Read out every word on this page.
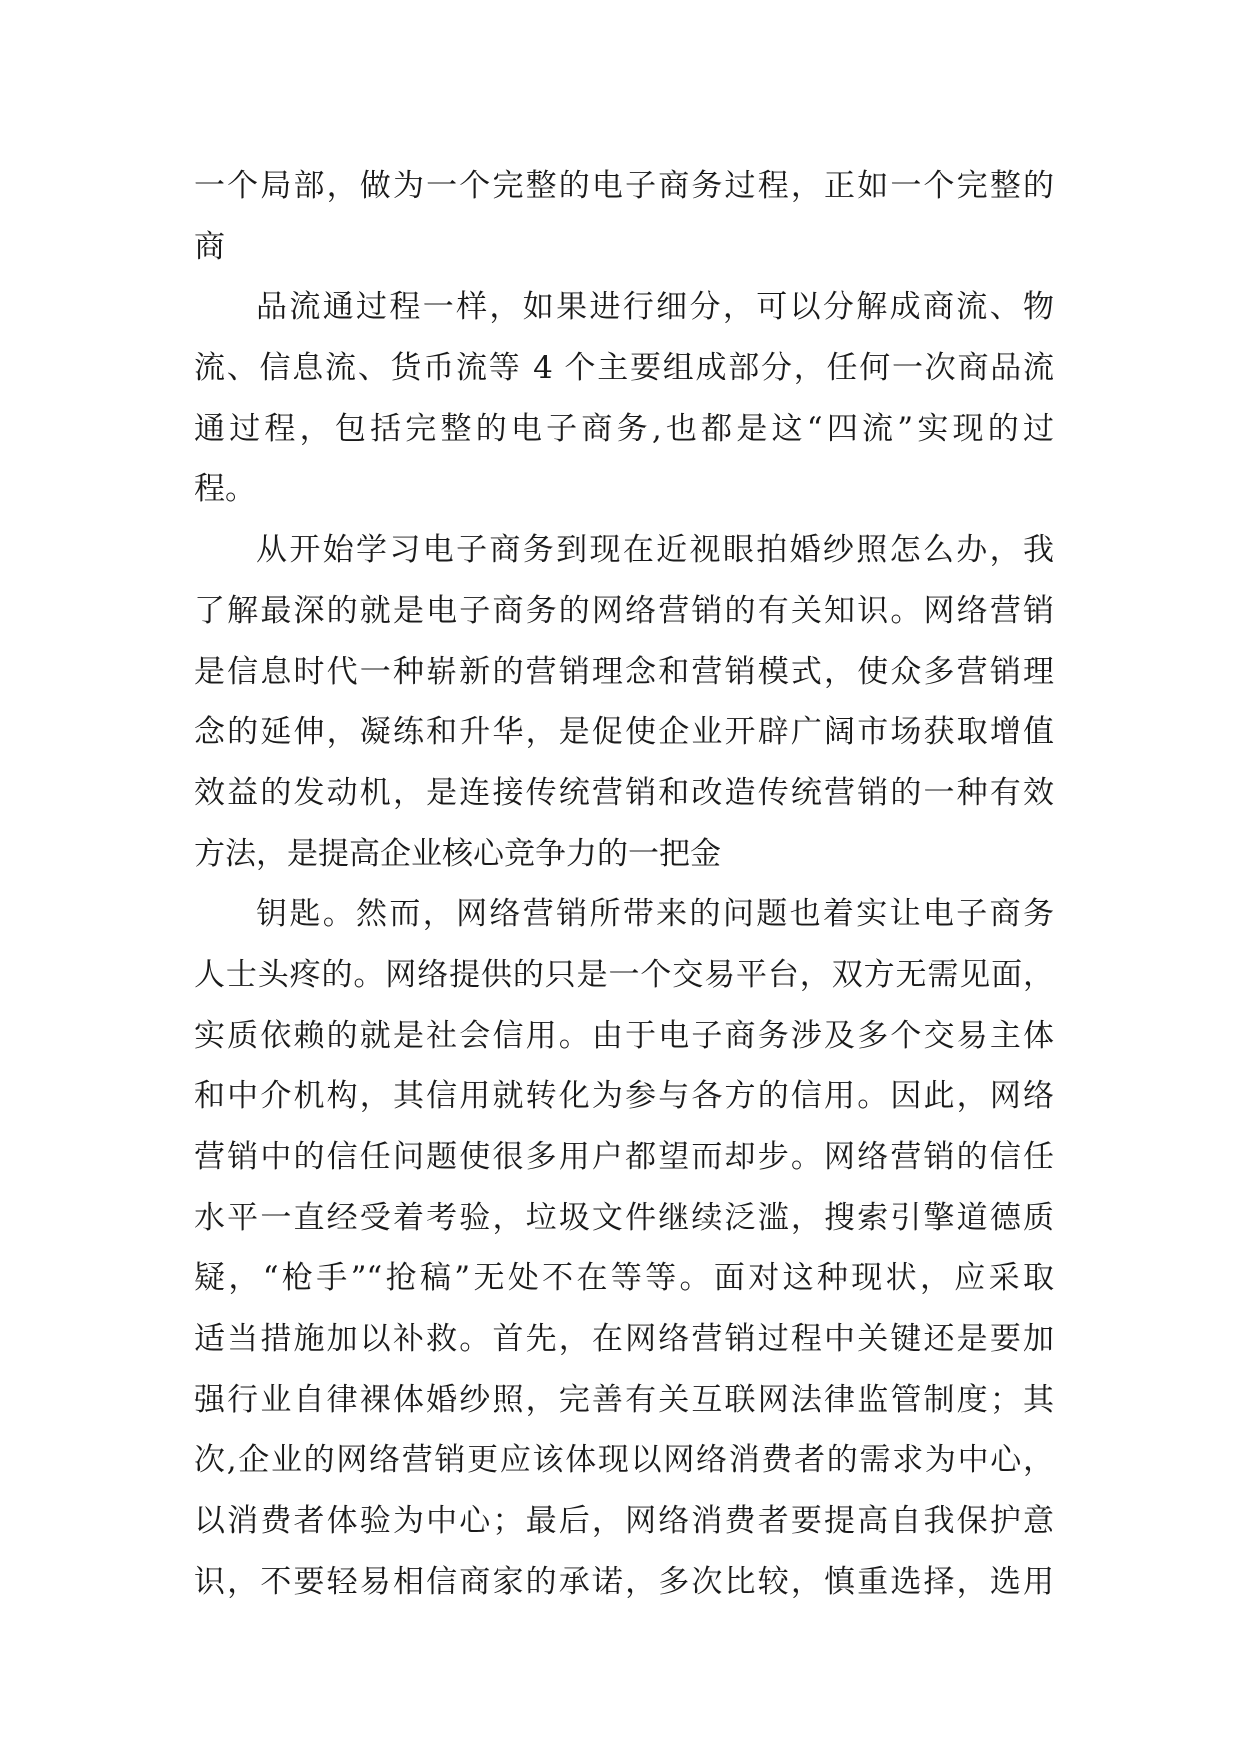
一个局部，做为一个完整的电子商务过程，正如一个完整的
商
品流通过程一样，如果进行细分，可以分解成商流、物
流、信息流、货币流等 4 个主要组成部分，任何一次商品流
通过程，包括完整的电子商务,也都是这“四流”实现的过
程。
从开始学习电子商务到现在近视眼拍婚纱照怎么办，我
了解最深的就是电子商务的网络营销的有关知识。网络营销
是信息时代一种崭新的营销理念和营销模式，使众多营销理
念的延伸，凝练和升华，是促使企业开辟广阔市场获取增值
效益的发动机，是连接传统营销和改造传统营销的一种有效
方法，是提高企业核心竞争力的一把金
钥匙。然而，网络营销所带来的问题也着实让电子商务
人士头疼的。网络提供的只是一个交易平台，双方无需见面，
实质依赖的就是社会信用。由于电子商务涉及多个交易主体
和中介机构，其信用就转化为参与各方的信用。因此，网络
营销中的信任问题使很多用户都望而却步。网络营销的信任
水平一直经受着考验，垃圾文件继续泛滥，搜索引擎道德质
疑，“枪手”“抢稿”无处不在等等。面对这种现状，应采取
适当措施加以补救。首先，在网络营销过程中关键还是要加
强行业自律裸体婚纱照，完善有关互联网法律监管制度；其
次,企业的网络营销更应该体现以网络消费者的需求为中心，
以消费者体验为中心；最后，网络消费者要提高自我保护意
识，不要轻易相信商家的承诺，多次比较，慎重选择，选用
